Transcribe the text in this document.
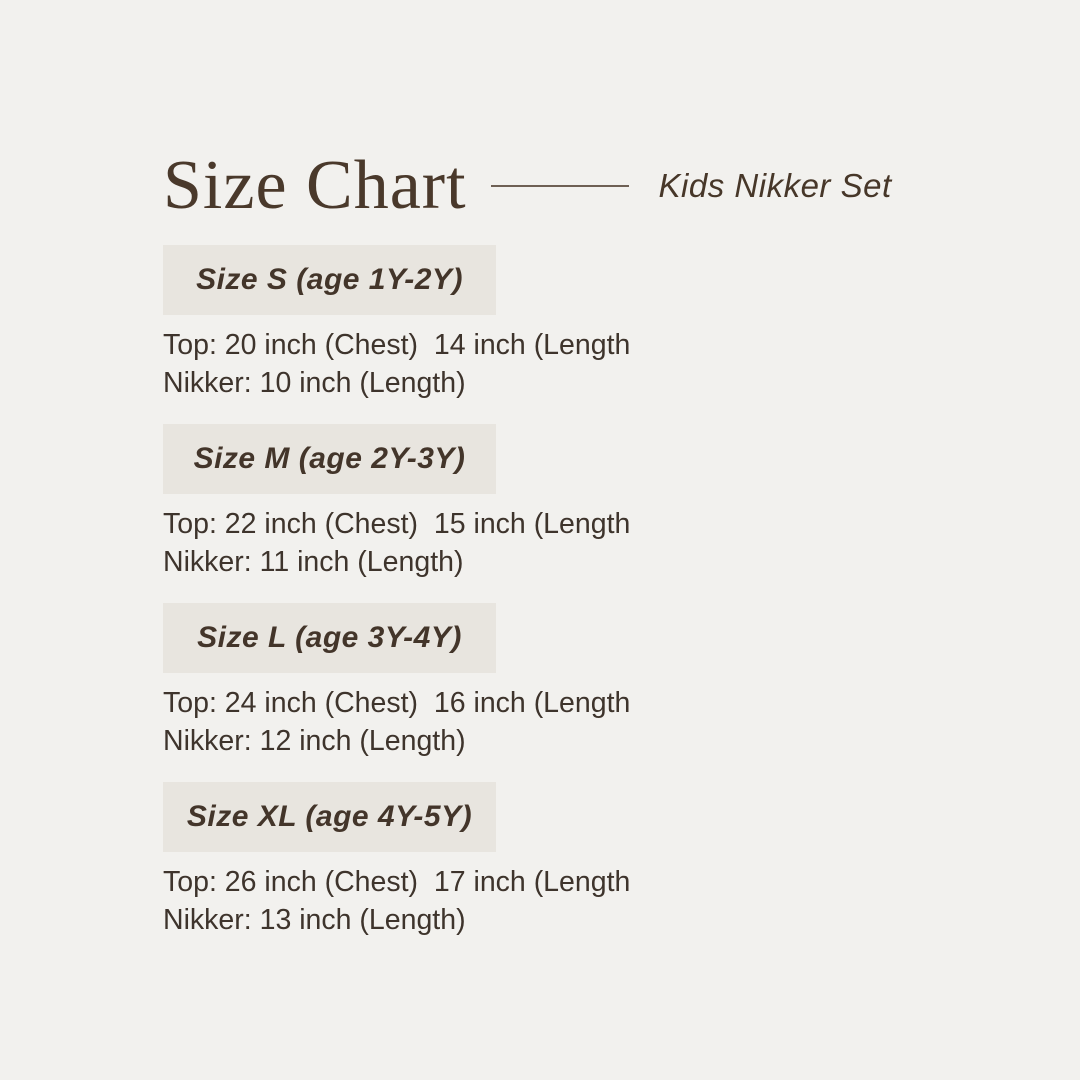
Size Chart	Kids Nikker Set
Size S (age 1Y-2Y)

Top: 20 inch (Chest)  14 inch (Length

Nikker: 10 inch (Length)

Size M (age 2Y-3Y)

Top: 22 inch (Chest)  15 inch (Length

Nikker: 11 inch (Length)

Size L (age 3Y-4Y)

Top: 24 inch (Chest)  16 inch (Length

Nikker: 12 inch (Length)

Size XL (age 4Y-5Y)

Top: 26 inch (Chest)  17 inch (Length

Nikker: 13 inch (Length)
